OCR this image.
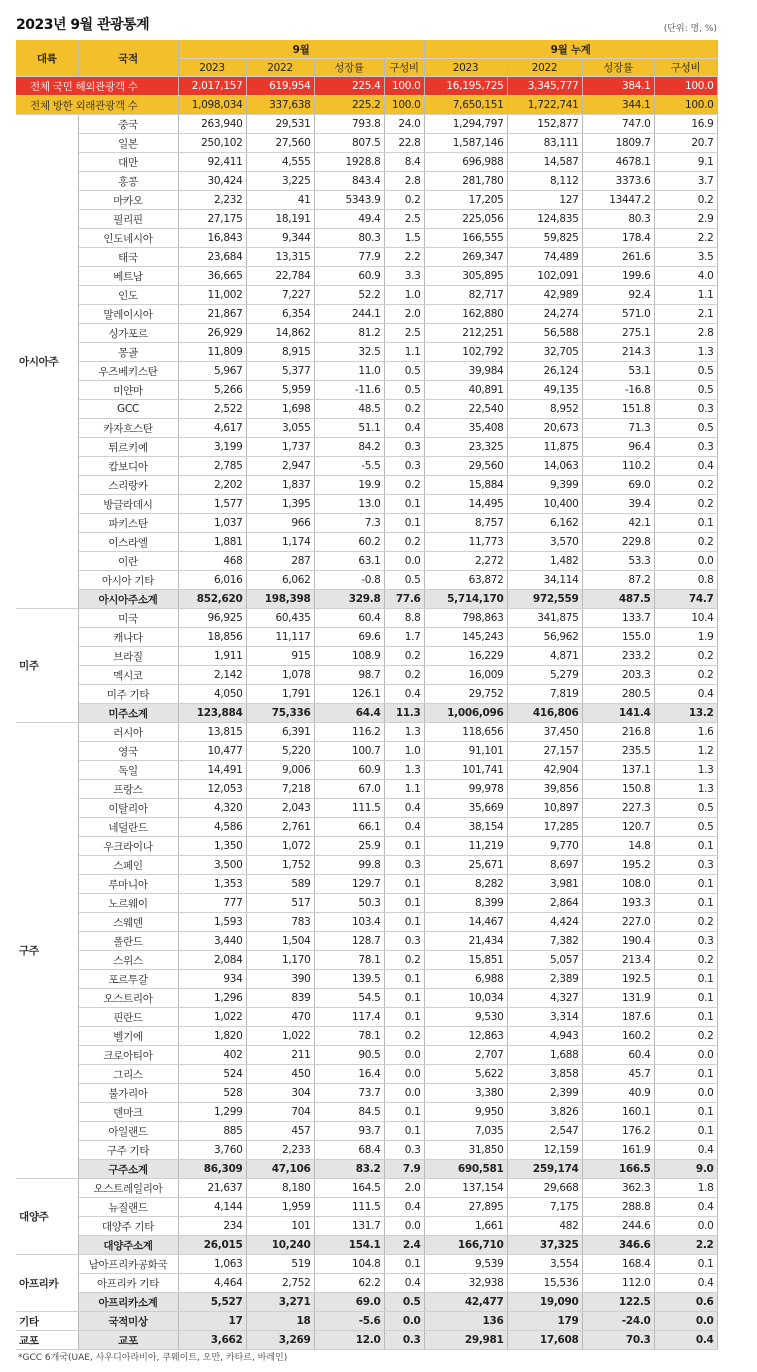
2023년 9월 관광통계	(단위: 명, %)
대륙	국적	9월				9월 누계			
		2023	2022	성장률	구성비	2023	2022	성장률	구성비
전체 국민 해외관광객 수		2,017,157	619,954	225.4	100.0	16,195,725	3,345,777	384.1	100.0
전체 방한 외래관광객 수		1,098,034	337,638	225.2	100.0	7,650,151	1,722,741	344.1	100.0
아시아주	중국	263,940	29,531	793.8	24.0	1,294,797	152,877	747.0	16.9
	일본	250,102	27,560	807.5	22.8	1,587,146	83,111	1809.7	20.7
	대만	92,411	4,555	1928.8	8.4	696,988	14,587	4678.1	9.1
	홍콩	30,424	3,225	843.4	2.8	281,780	8,112	3373.6	3.7
	마카오	2,232	41	5343.9	0.2	17,205	127	13447.2	0.2
	필리핀	27,175	18,191	49.4	2.5	225,056	124,835	80.3	2.9
	인도네시아	16,843	9,344	80.3	1.5	166,555	59,825	178.4	2.2
	태국	23,684	13,315	77.9	2.2	269,347	74,489	261.6	3.5
	베트남	36,665	22,784	60.9	3.3	305,895	102,091	199.6	4.0
	인도	11,002	7,227	52.2	1.0	82,717	42,989	92.4	1.1
	말레이시아	21,867	6,354	244.1	2.0	162,880	24,274	571.0	2.1
	싱가포르	26,929	14,862	81.2	2.5	212,251	56,588	275.1	2.8
	몽골	11,809	8,915	32.5	1.1	102,792	32,705	214.3	1.3
	우즈베키스탄	5,967	5,377	11.0	0.5	39,984	26,124	53.1	0.5
	미얀마	5,266	5,959	-11.6	0.5	40,891	49,135	-16.8	0.5
	GCC	2,522	1,698	48.5	0.2	22,540	8,952	151.8	0.3
	카자흐스탄	4,617	3,055	51.1	0.4	35,408	20,673	71.3	0.5
	튀르키예	3,199	1,737	84.2	0.3	23,325	11,875	96.4	0.3
	캄보디아	2,785	2,947	-5.5	0.3	29,560	14,063	110.2	0.4
	스리랑카	2,202	1,837	19.9	0.2	15,884	9,399	69.0	0.2
	방글라데시	1,577	1,395	13.0	0.1	14,495	10,400	39.4	0.2
	파키스탄	1,037	966	7.3	0.1	8,757	6,162	42.1	0.1
	이스라엘	1,881	1,174	60.2	0.2	11,773	3,570	229.8	0.2
	이란	468	287	63.1	0.0	2,272	1,482	53.3	0.0
	아시아 기타	6,016	6,062	-0.8	0.5	63,872	34,114	87.2	0.8
	아시아주소계	852,620	198,398	329.8	77.6	5,714,170	972,559	487.5	74.7
미주	미국	96,925	60,435	60.4	8.8	798,863	341,875	133.7	10.4
	캐나다	18,856	11,117	69.6	1.7	145,243	56,962	155.0	1.9
	브라질	1,911	915	108.9	0.2	16,229	4,871	233.2	0.2
	멕시코	2,142	1,078	98.7	0.2	16,009	5,279	203.3	0.2
	미주 기타	4,050	1,791	126.1	0.4	29,752	7,819	280.5	0.4
	미주소계	123,884	75,336	64.4	11.3	1,006,096	416,806	141.4	13.2
구주	러시아	13,815	6,391	116.2	1.3	118,656	37,450	216.8	1.6
	영국	10,477	5,220	100.7	1.0	91,101	27,157	235.5	1.2
	독일	14,491	9,006	60.9	1.3	101,741	42,904	137.1	1.3
	프랑스	12,053	7,218	67.0	1.1	99,978	39,856	150.8	1.3
	이탈리아	4,320	2,043	111.5	0.4	35,669	10,897	227.3	0.5
	네덜란드	4,586	2,761	66.1	0.4	38,154	17,285	120.7	0.5
	우크라이나	1,350	1,072	25.9	0.1	11,219	9,770	14.8	0.1
	스페인	3,500	1,752	99.8	0.3	25,671	8,697	195.2	0.3
	루마니아	1,353	589	129.7	0.1	8,282	3,981	108.0	0.1
	노르웨이	777	517	50.3	0.1	8,399	2,864	193.3	0.1
	스웨덴	1,593	783	103.4	0.1	14,467	4,424	227.0	0.2
	폴란드	3,440	1,504	128.7	0.3	21,434	7,382	190.4	0.3
	스위스	2,084	1,170	78.1	0.2	15,851	5,057	213.4	0.2
	포르투갈	934	390	139.5	0.1	6,988	2,389	192.5	0.1
	오스트리아	1,296	839	54.5	0.1	10,034	4,327	131.9	0.1
	핀란드	1,022	470	117.4	0.1	9,530	3,314	187.6	0.1
	벨기에	1,820	1,022	78.1	0.2	12,863	4,943	160.2	0.2
	크로아티아	402	211	90.5	0.0	2,707	1,688	60.4	0.0
	그리스	524	450	16.4	0.0	5,622	3,858	45.7	0.1
	불가리아	528	304	73.7	0.0	3,380	2,399	40.9	0.0
	덴마크	1,299	704	84.5	0.1	9,950	3,826	160.1	0.1
	아일랜드	885	457	93.7	0.1	7,035	2,547	176.2	0.1
	구주 기타	3,760	2,233	68.4	0.3	31,850	12,159	161.9	0.4
	구주소계	86,309	47,106	83.2	7.9	690,581	259,174	166.5	9.0
대양주	오스트레일리아	21,637	8,180	164.5	2.0	137,154	29,668	362.3	1.8
	뉴질랜드	4,144	1,959	111.5	0.4	27,895	7,175	288.8	0.4
	대양주 기타	234	101	131.7	0.0	1,661	482	244.6	0.0
	대양주소계	26,015	10,240	154.1	2.4	166,710	37,325	346.6	2.2
아프리카	남아프리카공화국	1,063	519	104.8	0.1	9,539	3,554	168.4	0.1
	아프리카 기타	4,464	2,752	62.2	0.4	32,938	15,536	112.0	0.4
	아프리카소계	5,527	3,271	69.0	0.5	42,477	19,090	122.5	0.6
기타	국적미상	17	18	-5.6	0.0	136	179	-24.0	0.0
교포	교포	3,662	3,269	12.0	0.3	29,981	17,608	70.3	0.4
*GCC 6개국(UAE, 사우디아라비아, 쿠웨이트, 오만, 카타르, 바레인)
